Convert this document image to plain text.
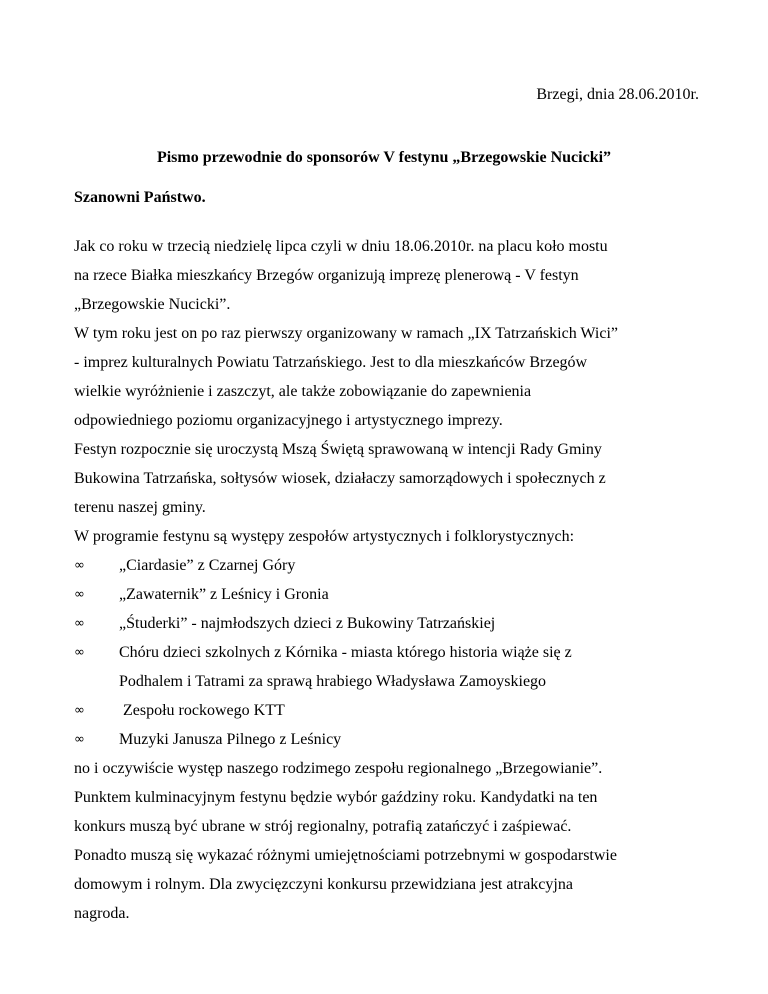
Brzegi, dnia 28.06.2010r.
Pismo przewodnie do sponsorów V festynu „Brzegowskie Nucicki”
Szanowni Państwo.
Jak co roku w trzecią niedzielę lipca czyli w dniu 18.06.2010r. na placu koło mostu
na rzece Białka mieszkańcy Brzegów organizują imprezę plenerową - V festyn
„Brzegowskie Nucicki”.
W tym roku jest on po raz pierwszy organizowany w ramach „IX Tatrzańskich Wici”
- imprez kulturalnych Powiatu Tatrzańskiego. Jest to dla mieszkańców Brzegów
wielkie wyróżnienie i zaszczyt, ale także zobowiązanie do zapewnienia
odpowiedniego poziomu organizacyjnego i artystycznego imprezy.
Festyn rozpocznie się uroczystą Mszą Świętą sprawowaną w intencji Rady Gminy
Bukowina Tatrzańska, sołtysów wiosek, działaczy samorządowych i społecznych z
terenu naszej gminy.
W programie festynu są występy zespołów artystycznych i folklorystycznych:
∞	„Ciardasie” z Czarnej Góry
∞	„Zawaternik” z Leśnicy i Gronia
∞	„Śtuderki” - najmłodszych dzieci z Bukowiny Tatrzańskiej
∞	Chóru dzieci szkolnych z Kórnika - miasta którego historia wiąże się z
Podhalem i Tatrami za sprawą hrabiego Władysława Zamoyskiego
∞	Zespołu rockowego KTT
∞	Muzyki Janusza Pilnego z Leśnicy
no i oczywiście występ naszego rodzimego zespołu regionalnego „Brzegowianie”.
Punktem kulminacyjnym festynu będzie wybór gaździny roku. Kandydatki na ten
konkurs muszą być ubrane w strój regionalny, potrafią zatańczyć i zaśpiewać.
Ponadto muszą się wykazać różnymi umiejętnościami potrzebnymi w gospodarstwie
domowym i rolnym. Dla zwycięzczyni konkursu przewidziana jest atrakcyjna
nagroda.
